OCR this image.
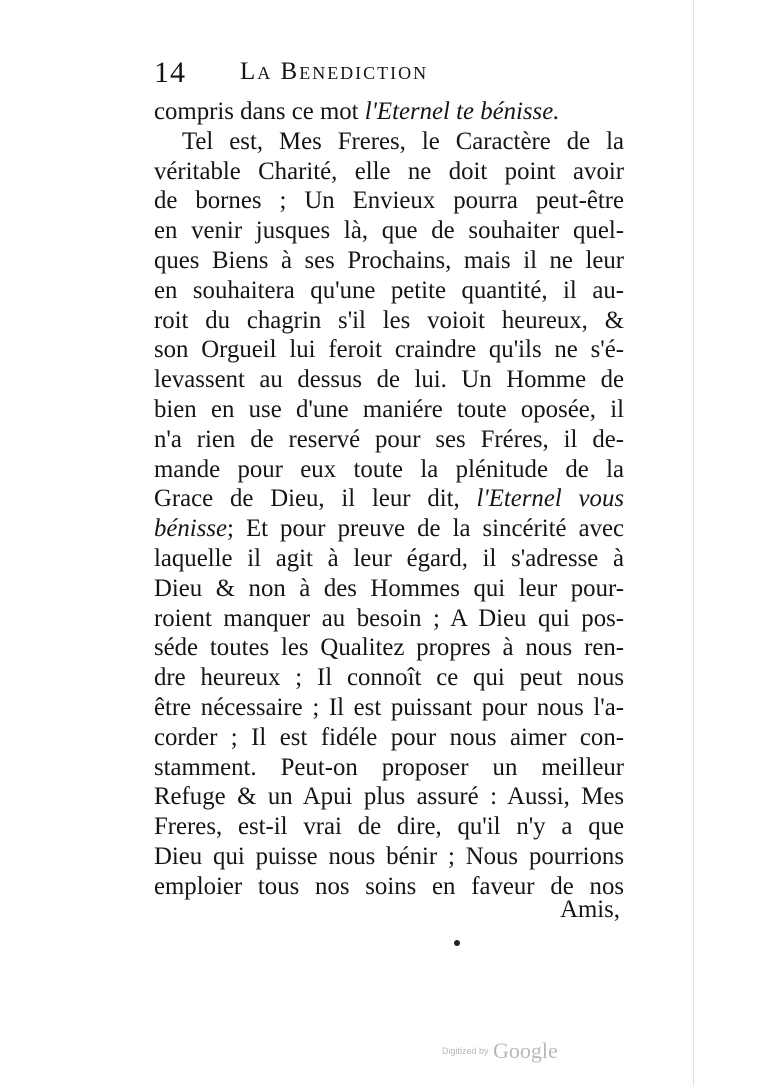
14 La Benediction
compris dans ce mot l'Eternel te bénisse.
Tel est, Mes Freres, le Caractère de la
véritable Charité, elle ne doit point avoir
de bornes ; Un Envieux pourra peut-être
en venir jusques là, que de souhaiter quel-
ques Biens à ses Prochains, mais il ne leur
en souhaitera qu'une petite quantité, il au-
roit du chagrin s'il les voioit heureux, &
son Orgueil lui feroit craindre qu'ils ne s'é-
levassent au dessus de lui. Un Homme de
bien en use d'une maniére toute oposée, il
n'a rien de reservé pour ses Fréres, il de-
mande pour eux toute la plénitude de la
Grace de Dieu, il leur dit, l'Eternel vous
bénisse; Et pour preuve de la sincérité avec
laquelle il agit à leur égard, il s'adresse à
Dieu & non à des Hommes qui leur pour-
roient manquer au besoin ; A Dieu qui pos-
séde toutes les Qualitez propres à nous ren-
dre heureux ; Il connoît ce qui peut nous
être nécessaire ; Il est puissant pour nous l'a-
corder ; Il est fidéle pour nous aimer con-
stamment. Peut-on proposer un meilleur
Refuge & un Apui plus assuré : Aussi, Mes
Freres, est-il vrai de dire, qu'il n'y a que
Dieu qui puisse nous bénir ; Nous pourrions
emploier tous nos soins en faveur de nos
Amis,
Digitized by Google
